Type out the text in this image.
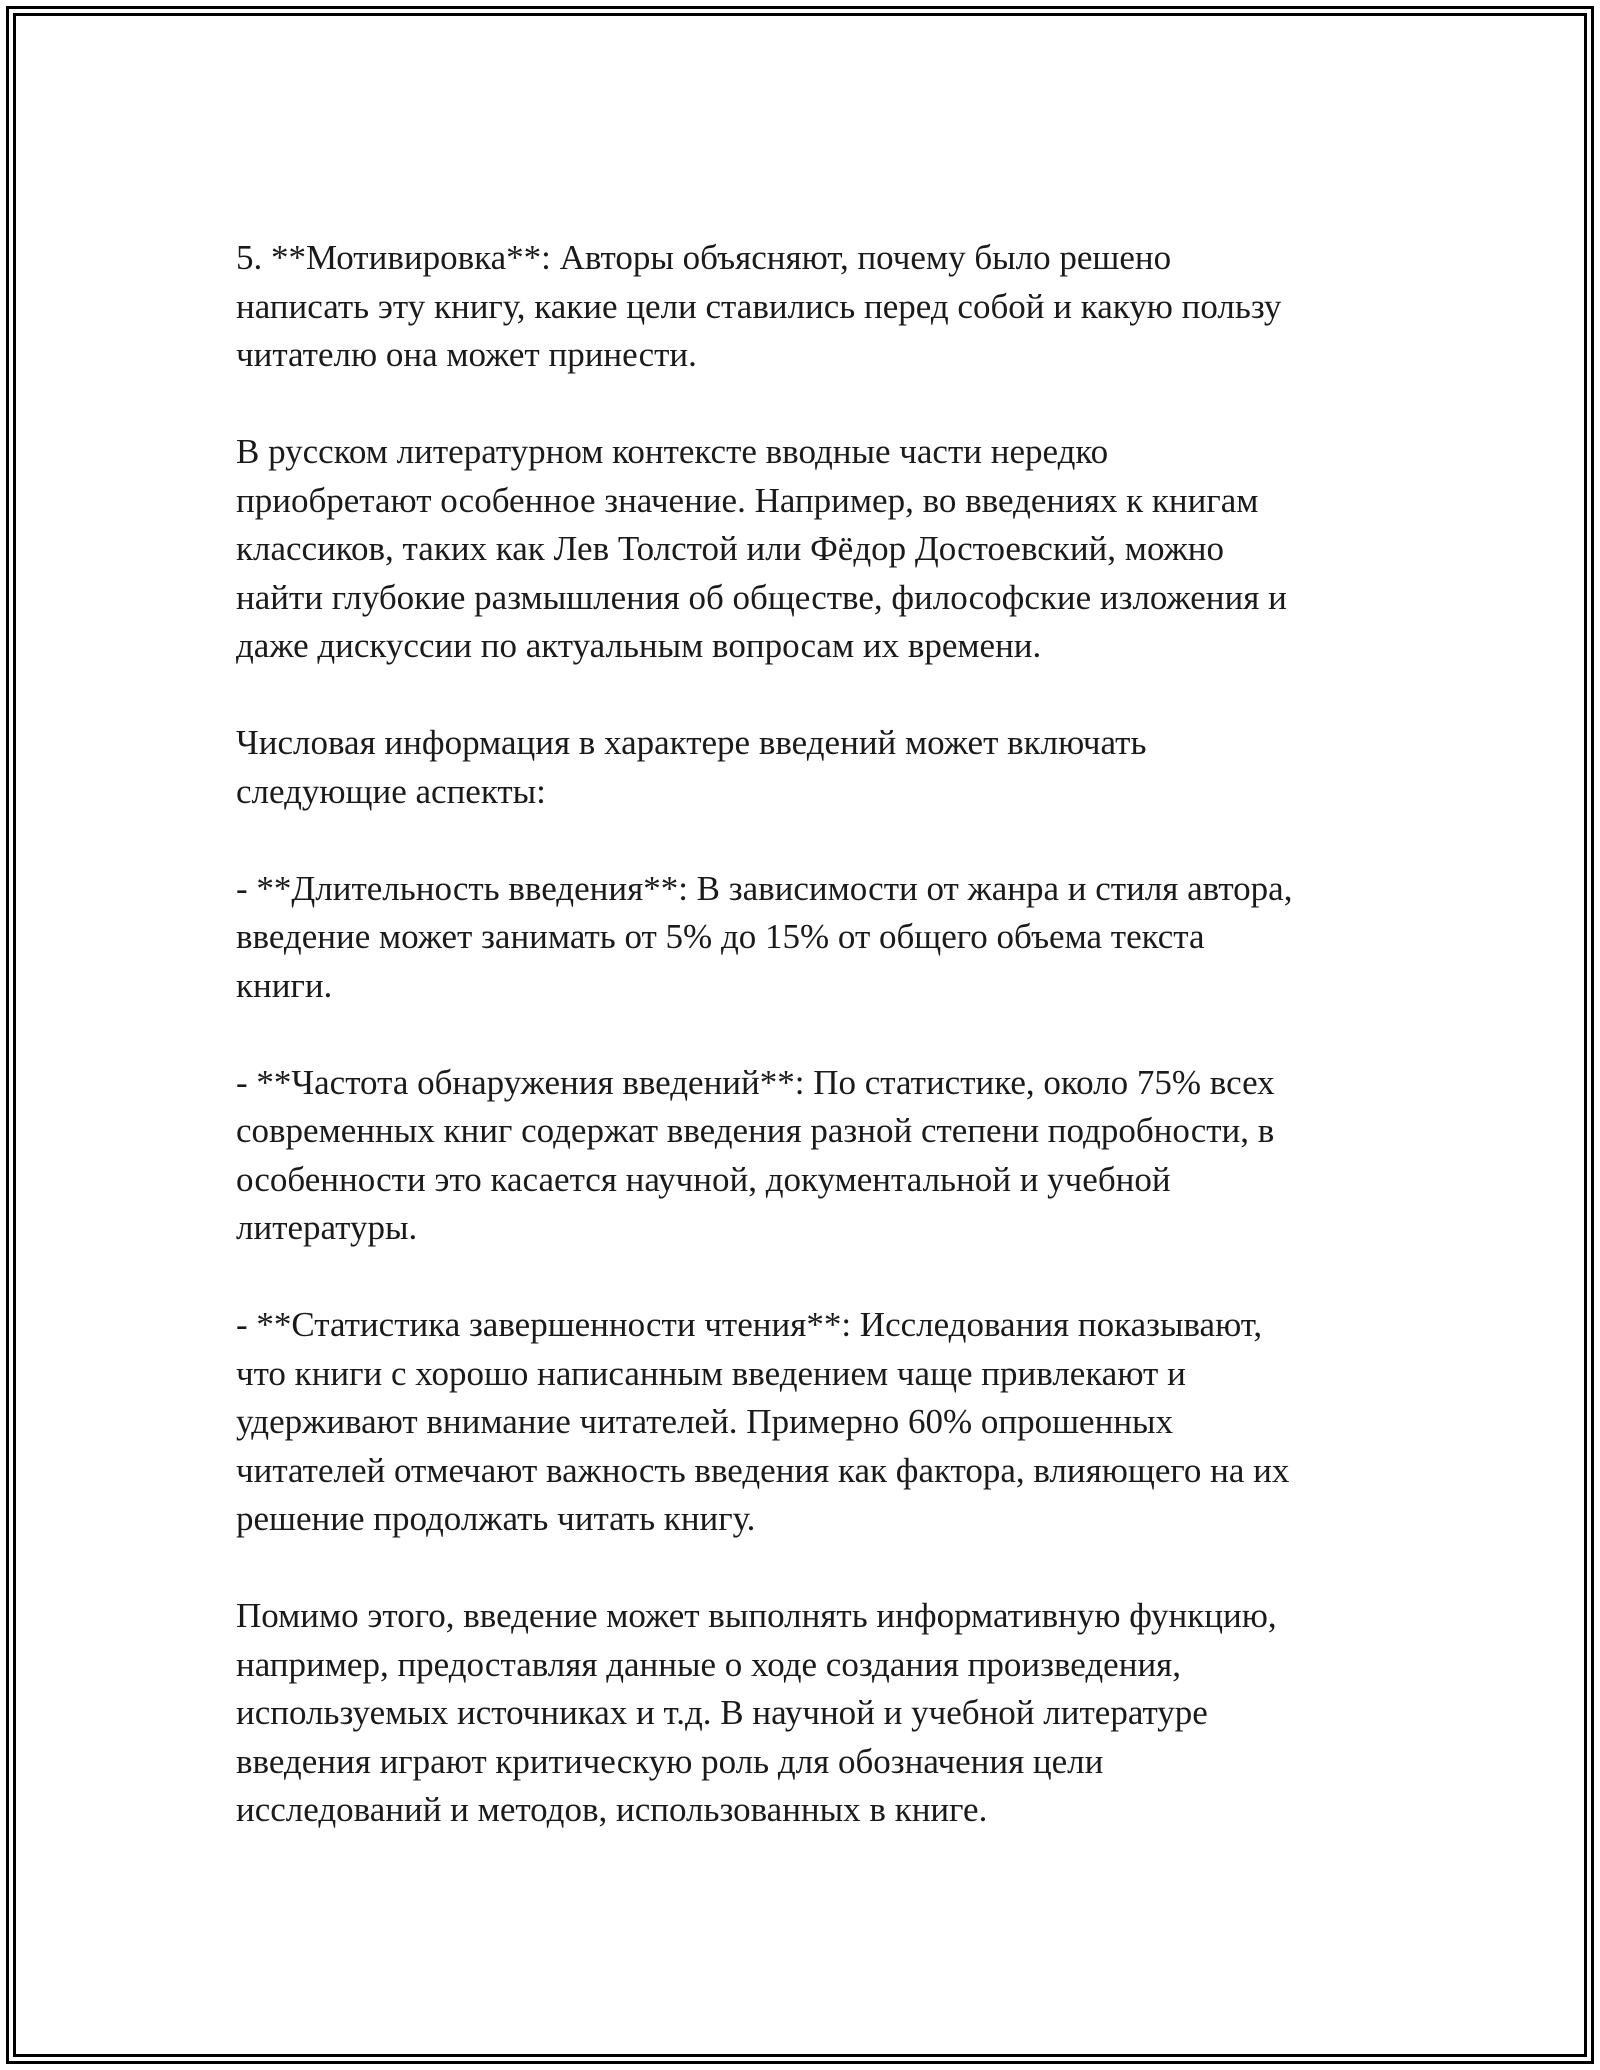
5. **Мотивировка**: Авторы объясняют, почему было решено
написать эту книгу, какие цели ставились перед собой и какую пользу
читателю она может принести.

В русском литературном контексте вводные части нередко
приобретают особенное значение. Например, во введениях к книгам
классиков, таких как Лев Толстой или Фёдор Достоевский, можно
найти глубокие размышления об обществе, философские изложения и
даже дискуссии по актуальным вопросам их времени.

Числовая информация в характере введений может включать
следующие аспекты:

- **Длительность введения**: В зависимости от жанра и стиля автора,
введение может занимать от 5% до 15% от общего объема текста
книги.

- **Частота обнаружения введений**: По статистике, около 75% всех
современных книг содержат введения разной степени подробности, в
особенности это касается научной, документальной и учебной
литературы.

- **Статистика завершенности чтения**: Исследования показывают,
что книги с хорошо написанным введением чаще привлекают и
удерживают внимание читателей. Примерно 60% опрошенных
читателей отмечают важность введения как фактора, влияющего на их
решение продолжать читать книгу.

Помимо этого, введение может выполнять информативную функцию,
например, предоставляя данные о ходе создания произведения,
используемых источниках и т.д. В научной и учебной литературе
введения играют критическую роль для обозначения цели
исследований и методов, использованных в книге.
